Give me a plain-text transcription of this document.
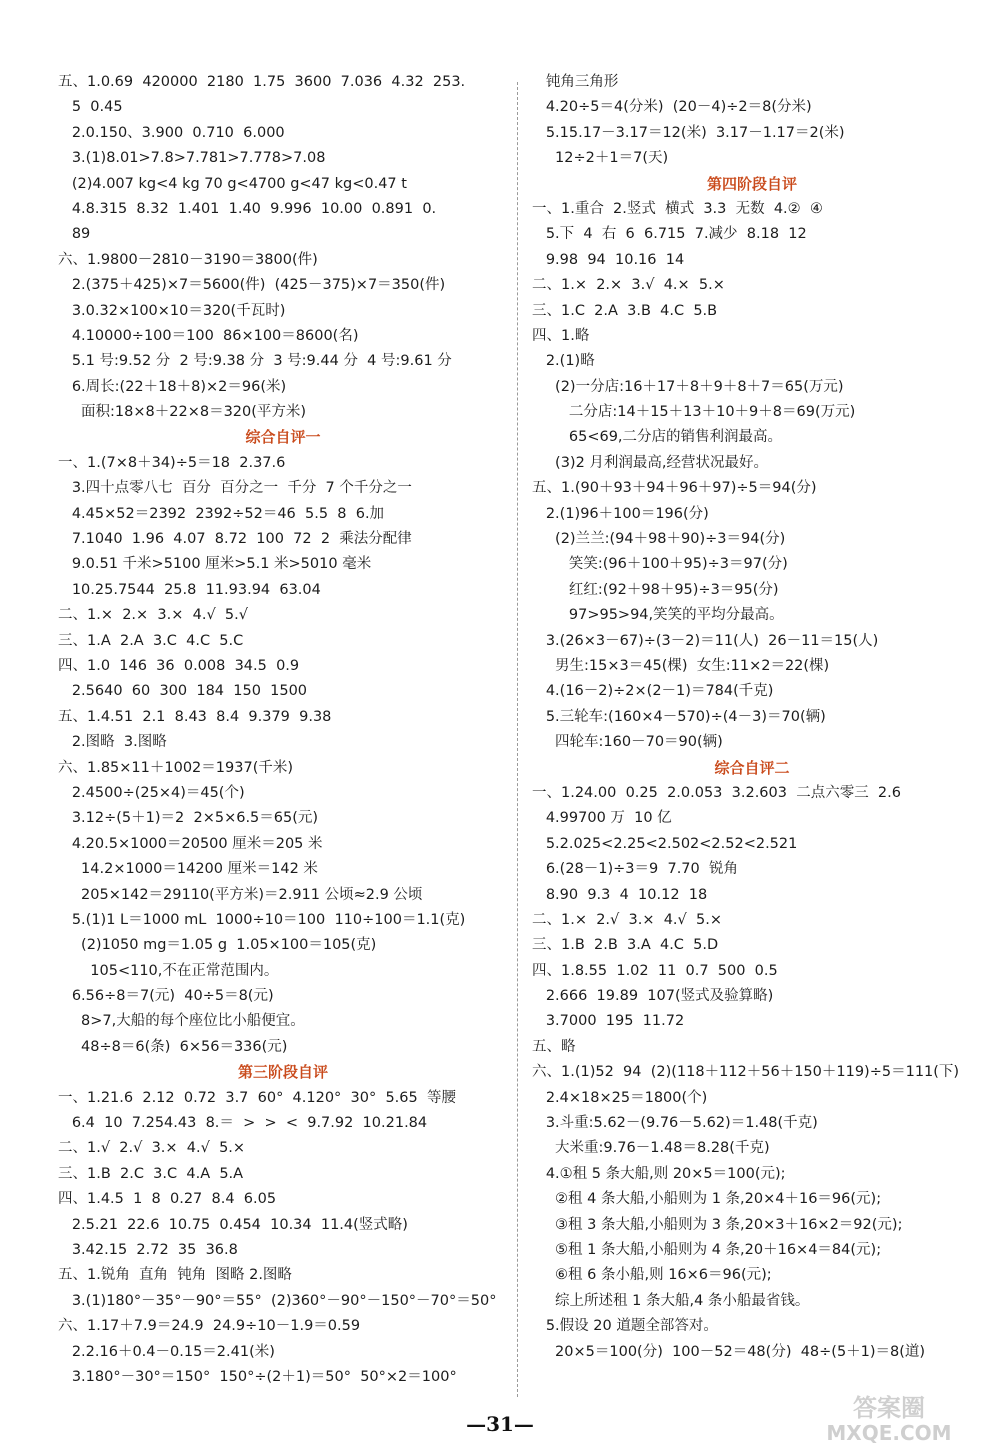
五、1.0.69  420000  2180  1.75  3600  7.036  4.32  253.
5  0.45
2.0.150、3.900  0.710  6.000
3.(1)8.01>7.8>7.781>7.778>7.08
(2)4.007 kg<4 kg 70 g<4700 g<47 kg<0.47 t
4.8.315  8.32  1.401  1.40  9.996  10.00  0.891  0.
89
六、1.9800－2810－3190＝3800(件)
2.(375＋425)×7＝5600(件)  (425－375)×7＝350(件)
3.0.32×100×10＝320(千瓦时)
4.10000÷100＝100  86×100＝8600(名)
5.1 号:9.52 分  2 号:9.38 分  3 号:9.44 分  4 号:9.61 分
6.周长:(22＋18＋8)×2＝96(米)
面积:18×8＋22×8＝320(平方米)
综合自评一
一、1.(7×8＋34)÷5＝18  2.37.6
3.四十点零八七  百分  百分之一  千分  7 个千分之一
4.45×52＝2392  2392÷52＝46  5.5  8  6.加
7.1040  1.96  4.07  8.72  100  72  2  乘法分配律
9.0.51 千米>5100 厘米>5.1 米>5010 毫米
10.25.7544  25.8  11.93.94  63.04
二、1.×  2.×  3.×  4.√  5.√
三、1.A  2.A  3.C  4.C  5.C
四、1.0  146  36  0.008  34.5  0.9
2.5640  60  300  184  150  1500
五、1.4.51  2.1  8.43  8.4  9.379  9.38
2.图略  3.图略
六、1.85×11＋1002＝1937(千米)
2.4500÷(25×4)＝45(个)
3.12÷(5＋1)＝2  2×5×6.5＝65(元)
4.20.5×1000＝20500 厘米＝205 米
14.2×1000＝14200 厘米＝142 米
205×142＝29110(平方米)＝2.911 公顷≈2.9 公顷
5.(1)1 L＝1000 mL  1000÷10＝100  110÷100＝1.1(克)
(2)1050 mg＝1.05 g  1.05×100＝105(克)
105<110,不在正常范围内。
6.56÷8＝7(元)  40÷5＝8(元)
8>7,大船的每个座位比小船便宜。
48÷8＝6(条)  6×56＝336(元)
第三阶段自评
一、1.21.6  2.12  0.72  3.7  60°  4.120°  30°  5.65  等腰
6.4  10  7.254.43  8.＝  >  >  <  9.7.92  10.21.84
二、1.√  2.√  3.×  4.√  5.×
三、1.B  2.C  3.C  4.A  5.A
四、1.4.5  1  8  0.27  8.4  6.05
2.5.21  22.6  10.75  0.454  10.34  11.4(竖式略)
3.42.15  2.72  35  36.8
五、1.锐角  直角  钝角  图略 2.图略
3.(1)180°－35°－90°＝55°  (2)360°－90°－150°－70°＝50°
六、1.17＋7.9＝24.9  24.9÷10－1.9＝0.59
2.2.16＋0.4－0.15＝2.41(米)
3.180°－30°＝150°  150°÷(2＋1)＝50°  50°×2＝100°
钝角三角形
4.20÷5＝4(分米)  (20－4)÷2＝8(分米)
5.15.17－3.17＝12(米)  3.17－1.17＝2(米)
12÷2＋1＝7(天)
第四阶段自评
一、1.重合  2.竖式  横式  3.3  无数  4.②  ④
5.下  4  右  6  6.715  7.减少  8.18  12
9.98  94  10.16  14
二、1.×  2.×  3.√  4.×  5.×
三、1.C  2.A  3.B  4.C  5.B
四、1.略
2.(1)略
(2)一分店:16＋17＋8＋9＋8＋7＝65(万元)
二分店:14＋15＋13＋10＋9＋8＝69(万元)
65<69,二分店的销售利润最高。
(3)2 月利润最高,经营状况最好。
五、1.(90＋93＋94＋96＋97)÷5＝94(分)
2.(1)96＋100＝196(分)
(2)兰兰:(94＋98＋90)÷3＝94(分)
笑笑:(96＋100＋95)÷3＝97(分)
红红:(92＋98＋95)÷3＝95(分)
97>95>94,笑笑的平均分最高。
3.(26×3－67)÷(3－2)＝11(人)  26－11＝15(人)
男生:15×3＝45(棵)  女生:11×2＝22(棵)
4.(16－2)÷2×(2－1)＝784(千克)
5.三轮车:(160×4－570)÷(4－3)＝70(辆)
四轮车:160－70＝90(辆)
综合自评二
一、1.24.00  0.25  2.0.053  3.2.603  二点六零三  2.6
4.99700 万  10 亿
5.2.025<2.25<2.502<2.52<2.521
6.(28－1)÷3＝9  7.70  锐角
8.90  9.3  4  10.12  18
二、1.×  2.√  3.×  4.√  5.×
三、1.B  2.B  3.A  4.C  5.D
四、1.8.55  1.02  11  0.7  500  0.5
2.666  19.89  107(竖式及验算略)
3.7000  195  11.72
五、略
六、1.(1)52  94  (2)(118＋112＋56＋150＋119)÷5＝111(下)
2.4×18×25＝1800(个)
3.斗重:5.62－(9.76－5.62)＝1.48(千克)
大米重:9.76－1.48＝8.28(千克)
4.①租 5 条大船,则 20×5＝100(元);
②租 4 条大船,小船则为 1 条,20×4＋16＝96(元);
③租 3 条大船,小船则为 3 条,20×3＋16×2＝92(元);
⑤租 1 条大船,小船则为 4 条,20＋16×4＝84(元);
⑥租 6 条小船,则 16×6＝96(元);
综上所述租 1 条大船,4 条小船最省钱。
5.假设 20 道题全部答对。
20×5＝100(分)  100－52＝48(分)  48÷(5＋1)＝8(道)
—31—
答案圈
MXQE.COM
